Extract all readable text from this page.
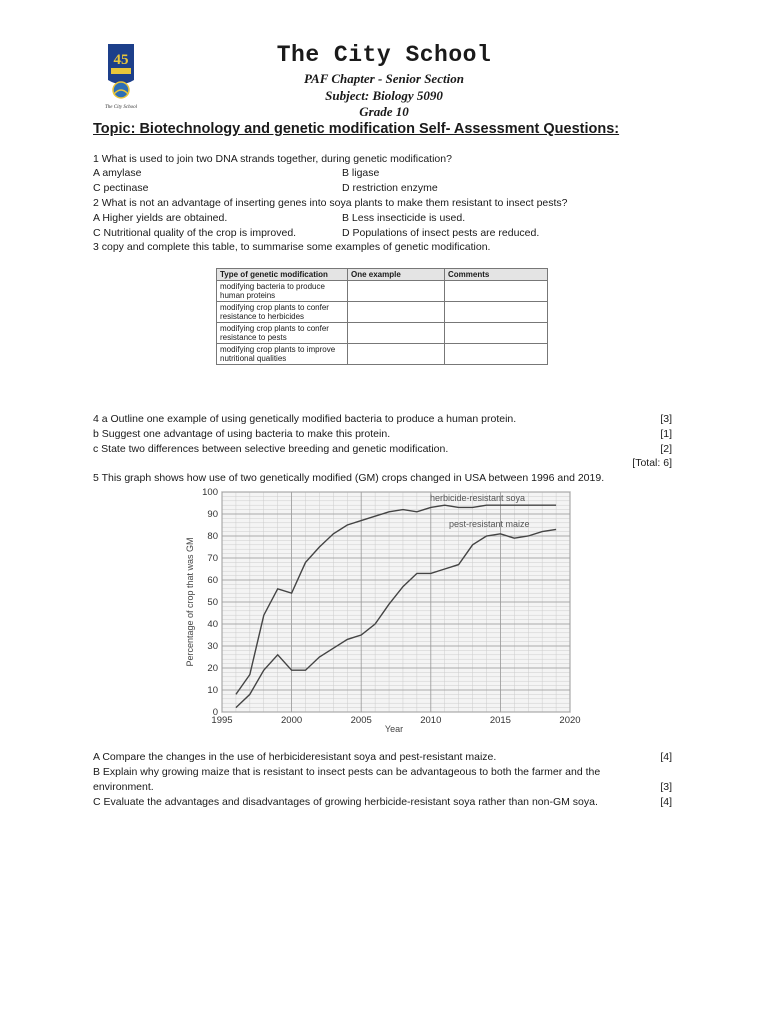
45
The City School
The City School
PAF Chapter - Senior Section
Subject: Biology 5090
Grade 10
Topic: Biotechnology and genetic modification Self- Assessment Questions:
1 What is used to join two DNA strands together, during genetic modification?
A amylase	B ligase
C pectinase	D restriction enzyme
2 What is not an advantage of inserting genes into soya plants to make them resistant to insect pests?
A Higher yields are obtained.	B Less insecticide is used.
C Nutritional quality of the crop is improved.	D Populations of insect pests are reduced.
3 copy and complete this table, to summarise some examples of genetic modification.
Type of genetic modification	One example	Comments
modifying bacteria to produce human proteins		
modifying crop plants to confer resistance to herbicides		
modifying crop plants to confer resistance to pests		
modifying crop plants to improve nutritional qualities		
4 a Outline one example of using genetically modified bacteria to produce a human protein.	[3]
b Suggest one advantage of using bacteria to make this protein.	[1]
c State two differences between selective breeding and genetic modification.	[2]
[Total: 6]
5 This graph shows how use of two genetically modified (GM) crops changed in USA between 1996 and 2019.
0
10
20
30
40
50
60
70
80
90
100
1995	2000	2005	2010	2015	2020
Percentage of crop that was GM
Year
herbicide-resistant soya
pest-resistant maize
A Compare the changes in the use of herbicideresistant soya and pest-resistant maize.	[4]
B Explain why growing maize that is resistant to insect pests can be advantageous to both the farmer and the
environment.	[3]
C Evaluate the advantages and disadvantages of growing herbicide-resistant soya rather than non-GM soya.	[4]
